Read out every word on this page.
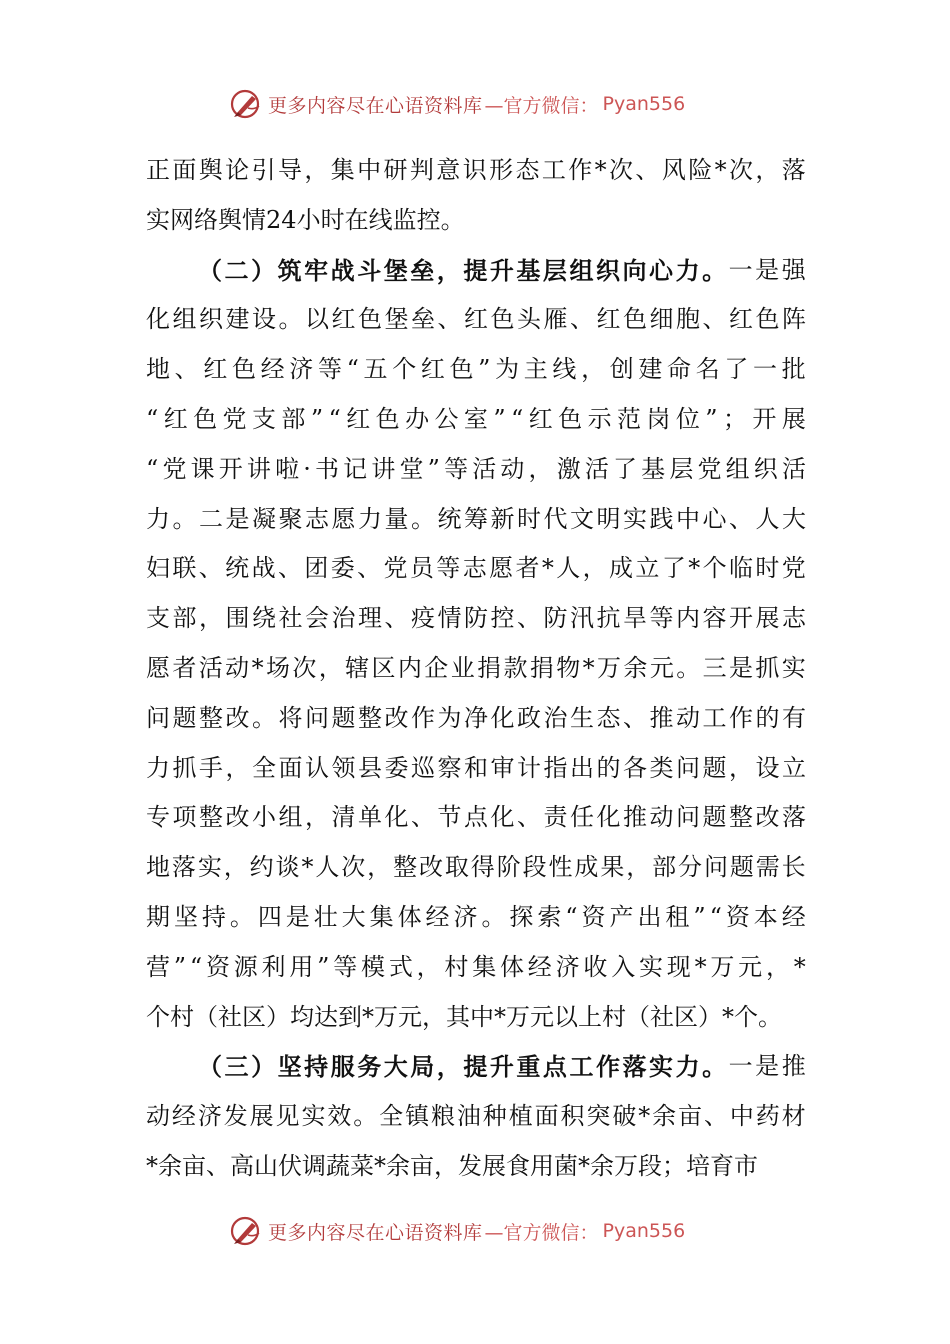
更多内容尽在心语资料库 —官方微信： Pyan556
正 面 舆 论 引 导 ， 集 中 研 判 意 识 形 态 工 作 * 次 、 风 险 * 次 ， 落
实 网 络 舆 情 2 4 小 时 在 线 监 控 。
（ 二 ） 筑 牢 战 斗 堡 垒 ， 提 升 基 层 组 织 向 心 力 。 一 是 强
化 组 织 建 设 。 以 红 色 堡 垒 、 红 色 头 雁 、 红 色 细 胞 、 红 色 阵
地 、 红 色 经 济 等 “ 五 个 红 色 ” 为 主 线 ， 创 建 命 名 了 一 批
“ 红 色 党 支 部 ” “ 红 色 办 公 室 ” “ 红 色 示 范 岗 位 ” ； 开 展
“ 党 课 开 讲 啦 · 书 记 讲 堂 ” 等 活 动 ， 激 活 了 基 层 党 组 织 活
力 。 二 是 凝 聚 志 愿 力 量 。 统 筹 新 时 代 文 明 实 践 中 心 、 人 大
妇 联 、 统 战 、 团 委 、 党 员 等 志 愿 者 * 人 ， 成 立 了 * 个 临 时 党
支 部 ， 围 绕 社 会 治 理 、 疫 情 防 控 、 防 汛 抗 旱 等 内 容 开 展 志
愿 者 活 动 * 场 次 ， 辖 区 内 企 业 捐 款 捐 物 * 万 余 元 。 三 是 抓 实
问 题 整 改 。 将 问 题 整 改 作 为 净 化 政 治 生 态 、 推 动 工 作 的 有
力 抓 手 ， 全 面 认 领 县 委 巡 察 和 审 计 指 出 的 各 类 问 题 ， 设 立
专 项 整 改 小 组 ， 清 单 化 、 节 点 化 、 责 任 化 推 动 问 题 整 改 落
地 落 实 ， 约 谈 * 人 次 ， 整 改 取 得 阶 段 性 成 果 ， 部 分 问 题 需 长
期 坚 持 。 四 是 壮 大 集 体 经 济 。 探 索 “ 资 产 出 租 ” “ 资 本 经
营 ” “ 资 源 利 用 ” 等 模 式 ， 村 集 体 经 济 收 入 实 现 * 万 元 ， *
个 村 （ 社 区 ） 均 达 到 * 万 元 ， 其 中 * 万 元 以 上 村 （ 社 区 ） * 个 。
（ 三 ） 坚 持 服 务 大 局 ， 提 升 重 点 工 作 落 实 力 。 一 是 推
动 经 济 发 展 见 实 效 。 全 镇 粮 油 种 植 面 积 突 破 * 余 亩 、 中 药 材
* 余 亩 、 高 山 伏 调 蔬 菜 * 余 亩 ， 发 展 食 用 菌 * 余 万 段 ； 培 育 市
更多内容尽在心语资料库 —官方微信： Pyan556
